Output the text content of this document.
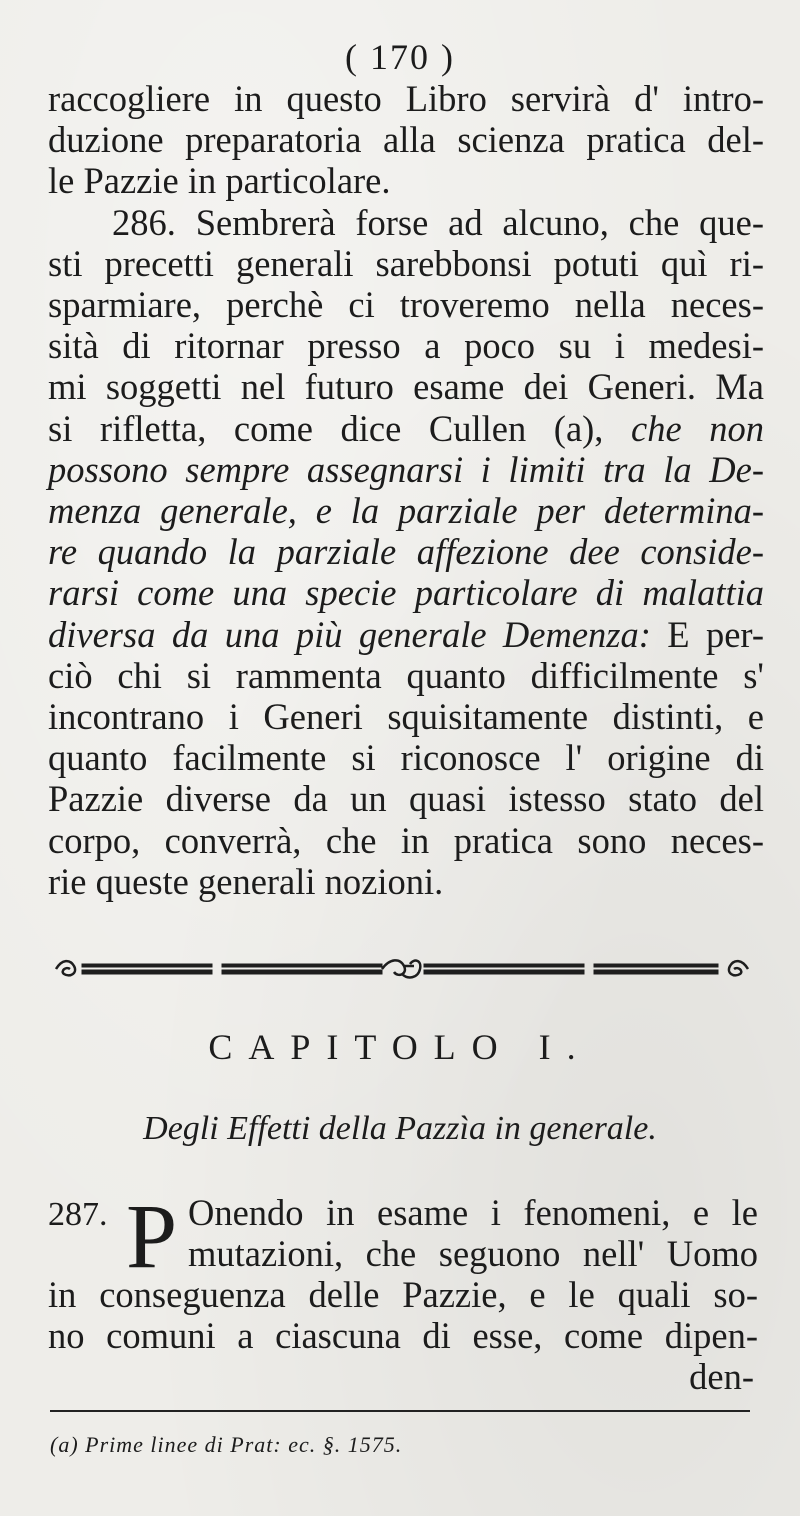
( 170 )
raccogliere in questo Libro servirà d' intro-
duzione preparatoria alla scienza pratica del-
le Pazzie in particolare.
286. Sembrerà forse ad alcuno, che que-
sti precetti generali sarebbonsi potuti quì ri-
sparmiare, perchè ci troveremo nella neces-
sità di ritornar presso a poco su i medesi-
mi soggetti nel futuro esame dei Generi. Ma
si rifletta, come dice Cullen (a), che non
possono sempre assegnarsi i limiti tra la De-
menza generale, e la parziale per determina-
re quando la parziale affezione dee conside-
rarsi come una specie particolare di malattia
diversa da una più generale Demenza: E per-
ciò chi si rammenta quanto difficilmente s'
incontrano i Generi squisitamente distinti, e
quanto facilmente si riconosce l' origine di
Pazzie diverse da un quasi istesso stato del
corpo, converrà, che in pratica sono neces-
rie queste generali nozioni.
CAPITOLO I.
Degli Effetti della Pazzìa in generale.
287. P Onendo in esame i fenomeni, e le
mutazioni, che seguono nell' Uomo
in conseguenza delle Pazzie, e le quali so-
no comuni a ciascuna di esse, come dipen-
den-
(a) Prime linee di Prat: ec. §. 1575.
